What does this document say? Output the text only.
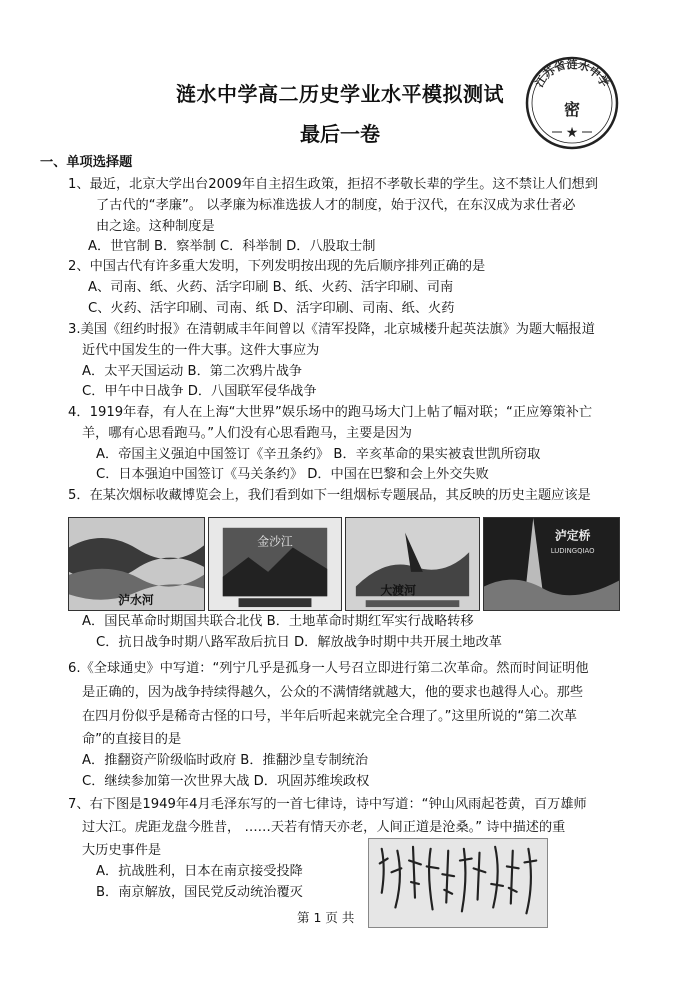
涟水中学高二历史学业水平模拟测试
最后一卷
江苏省涟水中学
密
★
一、单项选择题
1、最近，北京大学出台2009年自主招生政策，拒招不孝敬长辈的学生。这不禁让人们想到
了古代的“孝廉”。 以孝廉为标准选拔人才的制度，始于汉代，在东汉成为求仕者必
由之途。这种制度是
A．世官制 B．察举制 C．科举制 D．八股取士制
2、中国古代有许多重大发明，下列发明按出现的先后顺序排列正确的是
A、司南、纸、火药、活字印刷 B、纸、火药、活字印刷、司南
C、火药、活字印刷、司南、纸 D、活字印刷、司南、纸、火药
3.美国《纽约时报》在清朝咸丰年间曾以《清军投降，北京城楼升起英法旗》为题大幅报道
近代中国发生的一件大事。这件大事应为
A．太平天国运动 B．第二次鸦片战争
C．甲午中日战争 D．八国联军侵华战争
4．1919年春，有人在上海“大世界”娱乐场中的跑马场大门上帖了幅对联；“正应筹策补亡
羊，哪有心思看跑马。”人们没有心思看跑马，主要是因为
A．帝国主义强迫中国签订《辛丑条约》 B．辛亥革命的果实被袁世凯所窃取
C．日本强迫中国签订《马关条约》 D．中国在巴黎和会上外交失败
5．在某次烟标收藏博览会上，我们看到如下一组烟标专题展品，其反映的历史主题应该是
泸水河
金沙江
大渡河
泸定桥
LUDINGQIAO
A．国民革命时期国共联合北伐 B．土地革命时期红军实行战略转移
C．抗日战争时期八路军敌后抗日 D．解放战争时期中共开展土地改革
6.《全球通史》中写道：“列宁几乎是孤身一人号召立即进行第二次革命。然而时间证明他
是正确的，因为战争持续得越久，公众的不满情绪就越大，他的要求也越得人心。那些
在四月份似乎是稀奇古怪的口号，半年后听起来就完全合理了。”这里所说的“第二次革
命”的直接目的是
A．推翻资产阶级临时政府 B．推翻沙皇专制统治
C．继续参加第一次世界大战 D．巩固苏维埃政权
7、右下图是1949年4月毛泽东写的一首七律诗，诗中写道：“钟山风雨起苍黄，百万雄师
过大江。虎距龙盘今胜昔， ……天若有情天亦老，人间正道是沧桑。” 诗中描述的重
大历史事件是
A．抗战胜利，日本在南京接受投降
B．南京解放，国民党反动统治覆灭
第 1 页 共
